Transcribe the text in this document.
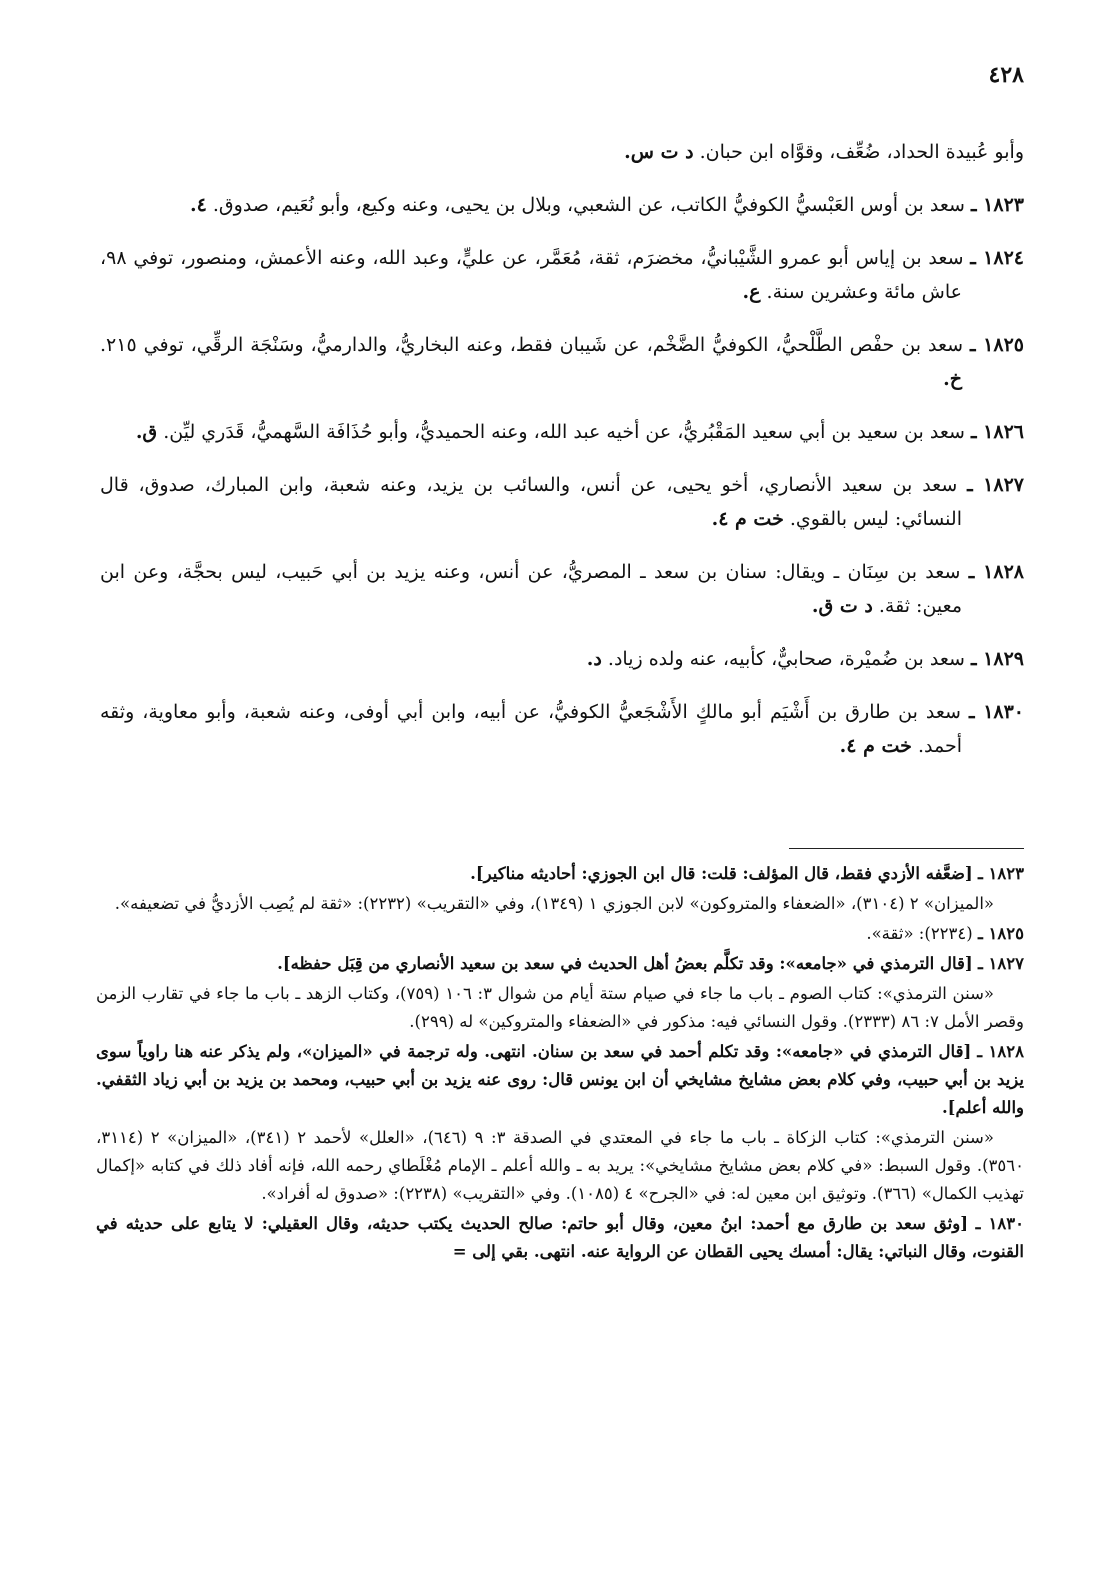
٤٢٨

وأبو عُبيدة الحداد، ضُعِّف، وقوَّاه ابن حبان. د ت س.

١٨٢٣ ـ سعد بن أوس العَبْسيُّ الكوفيُّ الكاتب، عن الشعبي، وبلال بن يحيى، وعنه وكيع، وأبو نُعَيم، صدوق. ٤.

١٨٢٤ ـ سعد بن إياس أبو عمرو الشَّيْبانيُّ، مخضرَم، ثقة، مُعَمَّر، عن عليٍّ، وعبد الله، وعنه الأعمش، ومنصور، توفي ٩٨، عاش مائة وعشرين سنة. ع.

١٨٢٥ ـ سعد بن حفْص الطَّلْحيُّ، الكوفيُّ الضَّخْم، عن شَيبان فقط، وعنه البخاريُّ، والدارميُّ، وسَنْجَة الرقِّي، توفي ٢١٥. خ.

١٨٢٦ ـ سعد بن سعيد بن أبي سعيد المَقْبُريُّ، عن أخيه عبد الله، وعنه الحميديُّ، وأبو حُذَافَة السَّهميُّ، قَدَري ليِّن. ق.

١٨٢٧ ـ سعد بن سعيد الأنصاري، أخو يحيى، عن أنس، والسائب بن يزيد، وعنه شعبة، وابن المبارك، صدوق، قال النسائي: ليس بالقوي. خت م ٤.

١٨٢٨ ـ سعد بن سِنَان ـ ويقال: سنان بن سعد ـ المصريُّ، عن أنس، وعنه يزيد بن أبي حَبيب، ليس بحجَّة، وعن ابن معين: ثقة. د ت ق.

١٨٢٩ ـ سعد بن ضُميْرة، صحابيٌّ، كأبيه، عنه ولده زياد. د.

١٨٣٠ ـ سعد بن طارق بن أَشْيَم أبو مالكٍ الأَشْجَعيُّ الكوفيُّ، عن أبيه، وابن أبي أوفى، وعنه شعبة، وأبو معاوية، وثقه أحمد. خت م ٤.

١٨٢٣ ـ [ضعَّفه الأزدي فقط، قال المؤلف: قلت: قال ابن الجوزي: أحاديثه مناكير].

«الميزان» ٢ (٣١٠٤)، «الضعفاء والمتروكون» لابن الجوزي ١ (١٣٤٩)، وفي «التقريب» (٢٢٣٢): «ثقة لم يُصِب الأزديُّ في تضعيفه».

١٨٢٥ ـ (٢٢٣٤): «ثقة».

١٨٢٧ ـ [قال الترمذي في «جامعه»: وقد تكلَّم بعضُ أهل الحديث في سعد بن سعيد الأنصاري من قِبَل حفظه].

«سنن الترمذي»: كتاب الصوم ـ باب ما جاء في صيام ستة أيام من شوال ٣: ١٠٦ (٧٥٩)، وكتاب الزهد ـ باب ما جاء في تقارب الزمن وقصر الأمل ٧: ٨٦ (٢٣٣٣). وقول النسائي فيه: مذكور في «الضعفاء والمتروكين» له (٢٩٩).

١٨٢٨ ـ [قال الترمذي في «جامعه»: وقد تكلم أحمد في سعد بن سنان. انتهى. وله ترجمة في «الميزان»، ولم يذكر عنه هنا راوياً سوى يزيد بن أبي حبيب، وفي كلام بعض مشايخ مشايخي أن ابن يونس قال: روى عنه يزيد بن أبي حبيب، ومحمد بن يزيد بن أبي زياد الثقفي. والله أعلم].

«سنن الترمذي»: كتاب الزكاة ـ باب ما جاء في المعتدي في الصدقة ٣: ٩ (٦٤٦)، «العلل» لأحمد ٢ (٣٤١)، «الميزان» ٢ (٣١١٤، ٣٥٦٠). وقول السبط: «في كلام بعض مشايخ مشايخي»: يريد به ـ والله أعلم ـ الإمام مُغْلَطاي رحمه الله، فإنه أفاد ذلك في كتابه «إكمال تهذيب الكمال» (٣٦٦). وتوثيق ابن معين له: في «الجرح» ٤ (١٠٨٥). وفي «التقريب» (٢٢٣٨): «صدوق له أفراد».

١٨٣٠ ـ [وثق سعد بن طارق مع أحمد: ابنُ معين، وقال أبو حاتم: صالح الحديث يكتب حديثه، وقال العقيلي: لا يتابع على حديثه في القنوت، وقال النباتي: يقال: أمسك يحيى القطان عن الرواية عنه. انتهى. بقي إلى =
